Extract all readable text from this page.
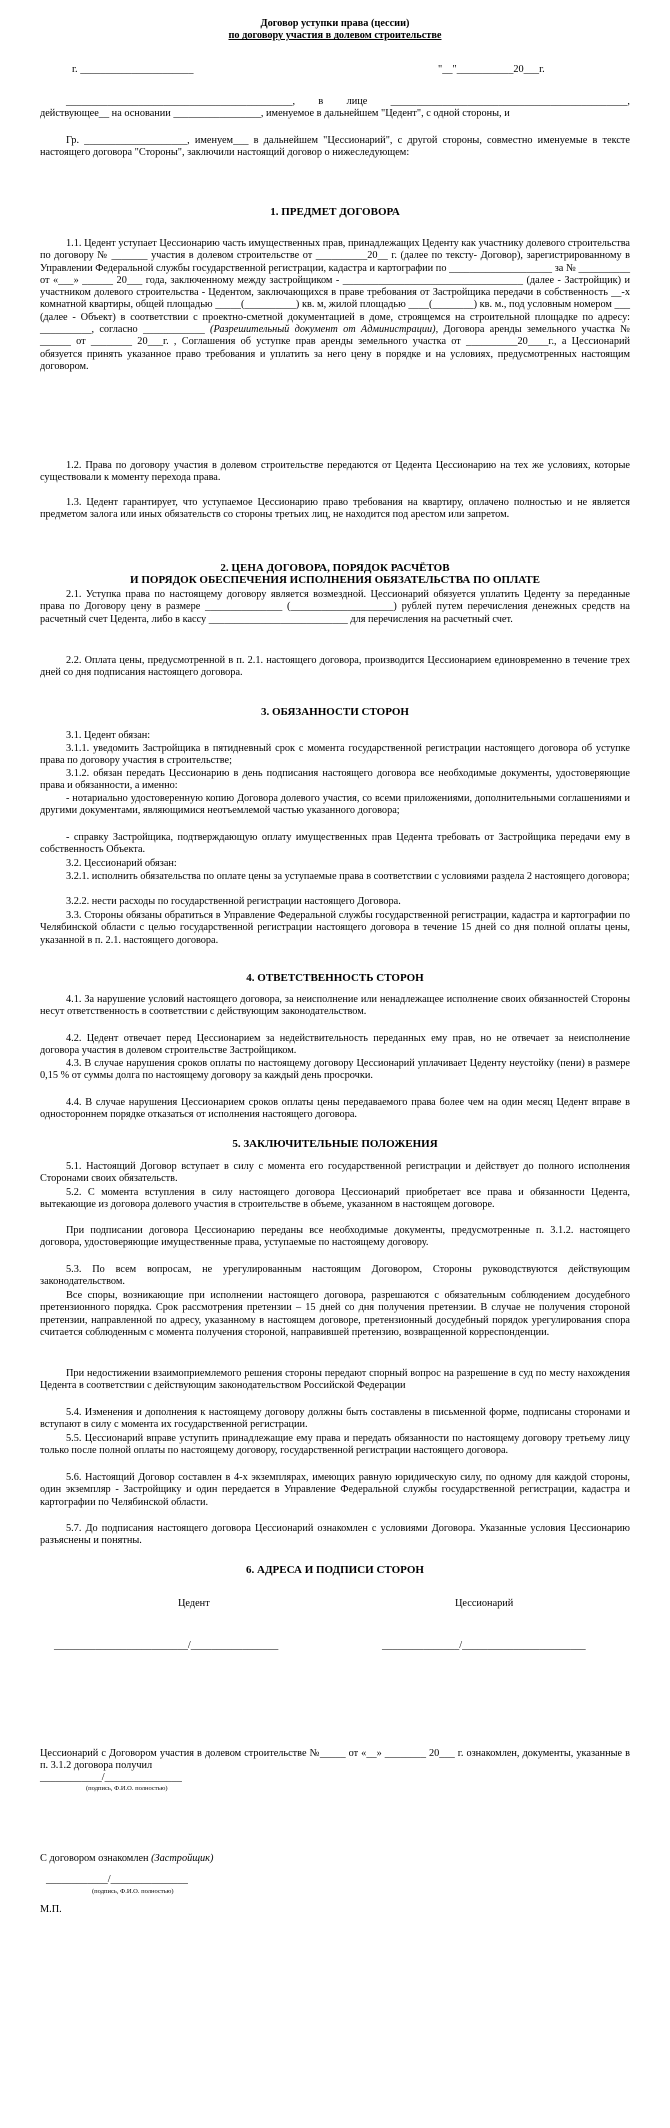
Договор уступки права (цессии)
по договору участия в долевом строительстве
г. ______________________	"__"___________20___г.

____________________________________________, в лице ______________________________________________, действующее__ на основании _________________, именуемое в дальнейшем "Цедент", с одной стороны, и

Гр. ____________________, именуем___ в дальнейшем "Цессионарий", с другой стороны, совместно именуемые в тексте настоящего договора "Стороны", заключили настоящий договор о нижеследующем:

1. ПРЕДМЕТ ДОГОВОРА

1.1. Цедент уступает Цессионарию часть имущественных прав, принадлежащих Цеденту как участнику долевого строительства по договору № _______ участия в долевом строительстве от __________20__ г. (далее по тексту- Договор), зарегистрированному в Управлении Федеральной службы государственной регистрации, кадастра и картографии по ____________________ за № __________ от «___» ______ 20___ года, заключенному между застройщиком - ___________________________________ (далее - Застройщик) и участником долевого строительства - Цедентом, заключающихся в праве требования от Застройщика передачи в собственность __-х комнатной квартиры, общей площадью _____(__________) кв. м, жилой площадью ____(________) кв. м., под условным номером ___ (далее - Объект) в соответствии с проектно-сметной документацией в доме, строящемся на строительной площадке по адресу: __________, согласно ____________ (Разрешительный документ от Администрации), Договора аренды земельного участка № ______ от ________ 20___г. , Соглашения об уступке прав аренды земельного участка от __________20____г., а Цессионарий обязуется принять указанное право требования и уплатить за него цену в порядке и на условиях, предусмотренных настоящим договором.

1.2. Права по договору участия в долевом строительстве передаются от Цедента Цессионарию на тех же условиях, которые существовали к моменту перехода права.

1.3. Цедент гарантирует, что уступаемое Цессионарию право требования на квартиру, оплачено полностью и не является предметом залога или иных обязательств со стороны третьих лиц, не находится под арестом или запретом.

2. ЦЕНА ДОГОВОРА, ПОРЯДОК РАСЧЁТОВ
И ПОРЯДОК ОБЕСПЕЧЕНИЯ ИСПОЛНЕНИЯ ОБЯЗАТЕЛЬСТВА ПО ОПЛАТЕ

2.1. Уступка права по настоящему договору является возмездной. Цессионарий обязуется уплатить Цеденту за переданные права по Договору цену в размере _______________ (____________________) рублей путем перечисления денежных средств на расчетный счет Цедента, либо в кассу ___________________________ для перечисления на расчетный счет.

2.2. Оплата цены, предусмотренной в п. 2.1. настоящего договора, производится Цессионарием единовременно в течение трех дней со дня подписания настоящего договора.

3. ОБЯЗАННОСТИ СТОРОН

3.1. Цедент обязан:

3.1.1. уведомить Застройщика в пятидневный срок с момента государственной регистрации настоящего договора об уступке права по договору участия в строительстве;

3.1.2. обязан передать Цессионарию в день подписания настоящего договора все необходимые документы, удостоверяющие права и обязанности, а именно:

- нотариально удостоверенную копию Договора долевого участия, со всеми приложениями, дополнительными соглашениями и другими документами, являющимися неотъемлемой частью указанного договора;

- справку Застройщика, подтверждающую оплату имущественных прав Цедента требовать от Застройщика передачи ему в собственность Объекта.

3.2. Цессионарий обязан:

3.2.1. исполнить обязательства по оплате цены за уступаемые права в соответствии с условиями раздела 2 настоящего договора;

3.2.2. нести расходы по государственной регистрации настоящего Договора.

3.3. Стороны обязаны обратиться в Управление Федеральной службы государственной регистрации, кадастра и картографии по Челябинской области с целью государственной регистрации настоящего договора в течение 15 дней со дня полной оплаты цены, указанной в п. 2.1. настоящего договора.

4. ОТВЕТСТВЕННОСТЬ СТОРОН

4.1. За нарушение условий настоящего договора, за неисполнение или ненадлежащее исполнение своих обязанностей Стороны несут ответственность в соответствии с действующим законодательством.

4.2. Цедент отвечает перед Цессионарием за недействительность переданных ему прав, но не отвечает за неисполнение договора участия в долевом строительстве Застройщиком.

4.3. В случае нарушения сроков оплаты по настоящему договору Цессионарий уплачивает Цеденту неустойку (пени) в размере 0,15 % от суммы долга по настоящему договору за каждый день просрочки.

4.4. В случае нарушения Цессионарием сроков оплаты цены передаваемого права более чем на один месяц Цедент вправе в одностороннем порядке отказаться от исполнения настоящего договора.

5. ЗАКЛЮЧИТЕЛЬНЫЕ ПОЛОЖЕНИЯ

5.1. Настоящий Договор вступает в силу с момента его государственной регистрации и действует до полного исполнения Сторонами своих обязательств.

5.2. С момента вступления в силу настоящего договора Цессионарий приобретает все права и обязанности Цедента, вытекающие из договора долевого участия в строительстве в объеме, указанном в настоящем договоре.

При подписании договора Цессионарию переданы все необходимые документы, предусмотренные п. 3.1.2. настоящего договора, удостоверяющие имущественные права, уступаемые по настоящему договору.

5.3. По всем вопросам, не урегулированным настоящим Договором, Стороны руководствуются действующим законодательством.

Все споры, возникающие при исполнении настоящего договора, разрешаются с обязательным соблюдением досудебного претензионного порядка. Срок рассмотрения претензии – 15 дней со дня получения претензии. В случае не получения стороной претензии, направленной по адресу, указанному в настоящем договоре, претензионный досудебный порядок урегулирования спора считается соблюденным с момента получения стороной, направившей претензию, возвращенной корреспонденции.

При недостижении взаимоприемлемого решения стороны передают спорный вопрос на разрешение в суд по месту нахождения Цедента в соответствии с действующим законодательством Российской Федерации

5.4. Изменения и дополнения к настоящему договору должны быть составлены в письменной форме, подписаны сторонами и вступают в силу с момента их государственной регистрации.

5.5. Цессионарий вправе уступить принадлежащие ему права и передать обязанности по настоящему договору третьему лицу только после полной оплаты по настоящему договору, государственной регистрации настоящего договора.

5.6. Настоящий Договор составлен в 4-х экземплярах, имеющих равную юридическую силу, по одному для каждой стороны, один экземпляр - Застройщику и один передается в Управление Федеральной службы государственной регистрации, кадастра и картографии по Челябинской области.

5.7. До подписания настоящего договора Цессионарий ознакомлен с условиями Договора. Указанные условия Цессионарию разъяснены и понятны.

6. АДРЕСА И ПОДПИСИ СТОРОН
Цедент	Цессионарий
__________________________/_________________	_______________/________________________

Цессионарий с Договором участия в долевом строительстве №_____ от «__» ________ 20___ г. ознакомлен, документы, указанные в п. 3.1.2 договора получил

____________/_______________
(подпись, Ф.И.О. полностью)
С договором ознакомлен (Застройщик)
____________/_______________
(подпись, Ф.И.О. полностью)
М.П.
